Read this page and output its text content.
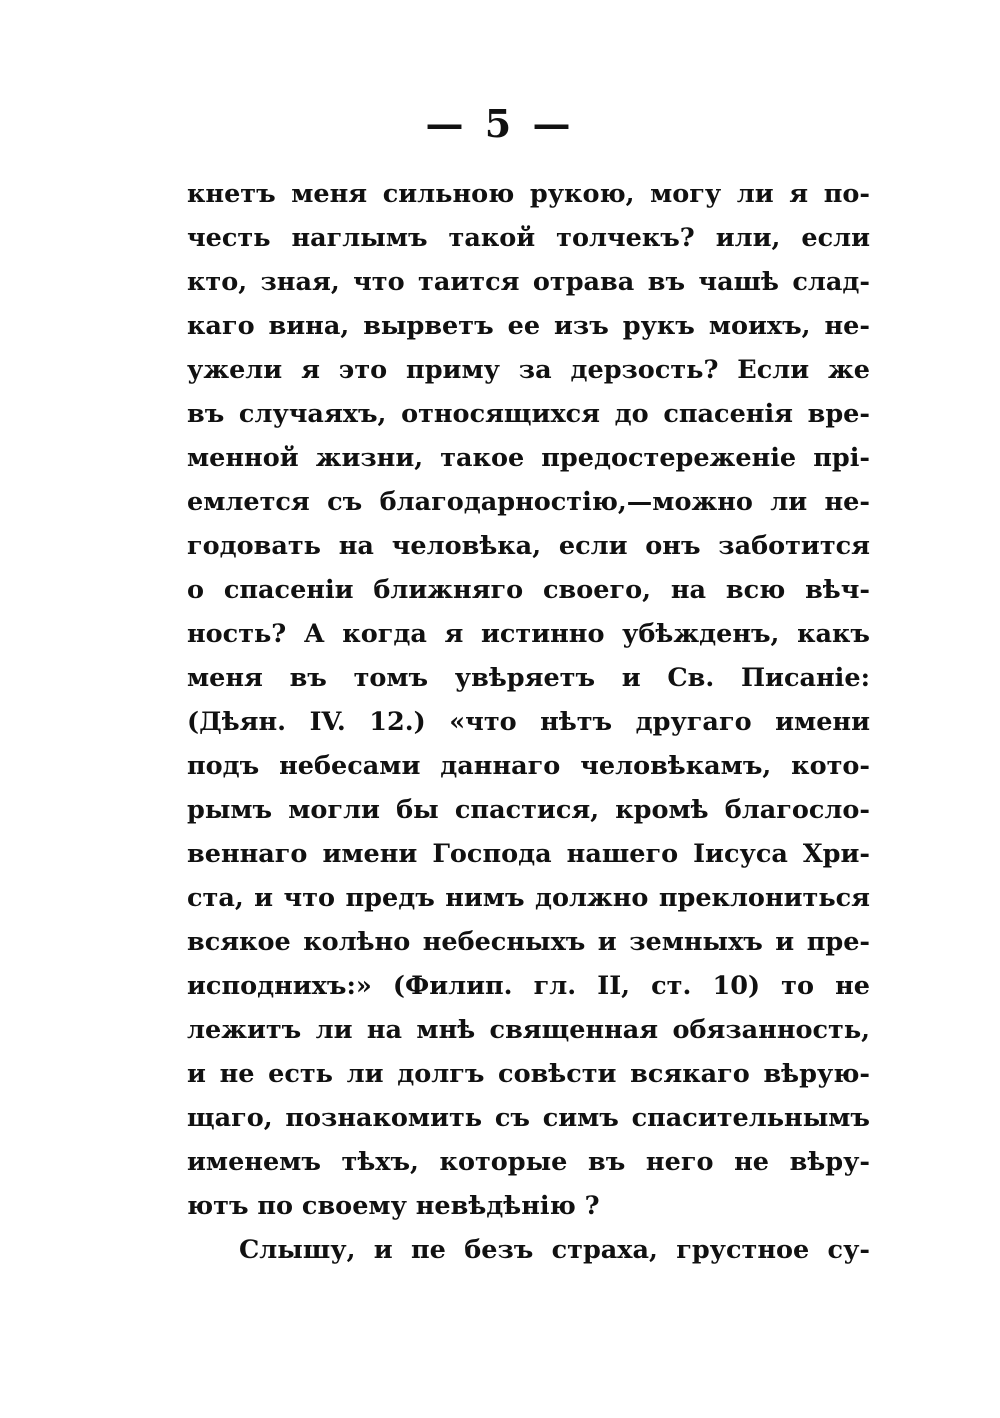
— 5 —
кнетъ меня сильною рукою, могу ли я по-
честь наглымъ такой толчекъ? или, если
кто, зная, что таится отрава въ чашѣ слад-
каго вина, вырветъ ее изъ рукъ моихъ, не-
ужели я это приму за дерзость? Если же
въ случаяхъ, относящихся до спасенія вре-
менной жизни, такое предостереженіе прі-
емлется съ благодарностію,—можно ли не-
годовать на человѣка, если онъ заботится
о спасеніи ближняго своего, на всю вѣч-
ность? А когда я истинно убѣжденъ, какъ
меня въ томъ увѣряетъ и Св. Писаніе:
(Дѣян. IV. 12.) «что нѣтъ другаго имени
подъ небесами даннаго человѣкамъ, кото-
рымъ могли бы спастися, кромѣ благосло-
веннаго имени Господа нашего Іисуса Хри-
ста, и что предъ нимъ должно преклониться
всякое колѣно небесныхъ и земныхъ и пре-
исподнихъ:» (Филип. гл. II, ст. 10) то не
лежитъ ли на мнѣ священная обязанность,
и не есть ли долгъ совѣсти всякаго вѣрую-
щаго, познакомить съ симъ спасительнымъ
именемъ тѣхъ, которые въ него не вѣру-
ютъ по своему невѣдѣнію ?
Слышу, и пе безъ страха, грустное су-
